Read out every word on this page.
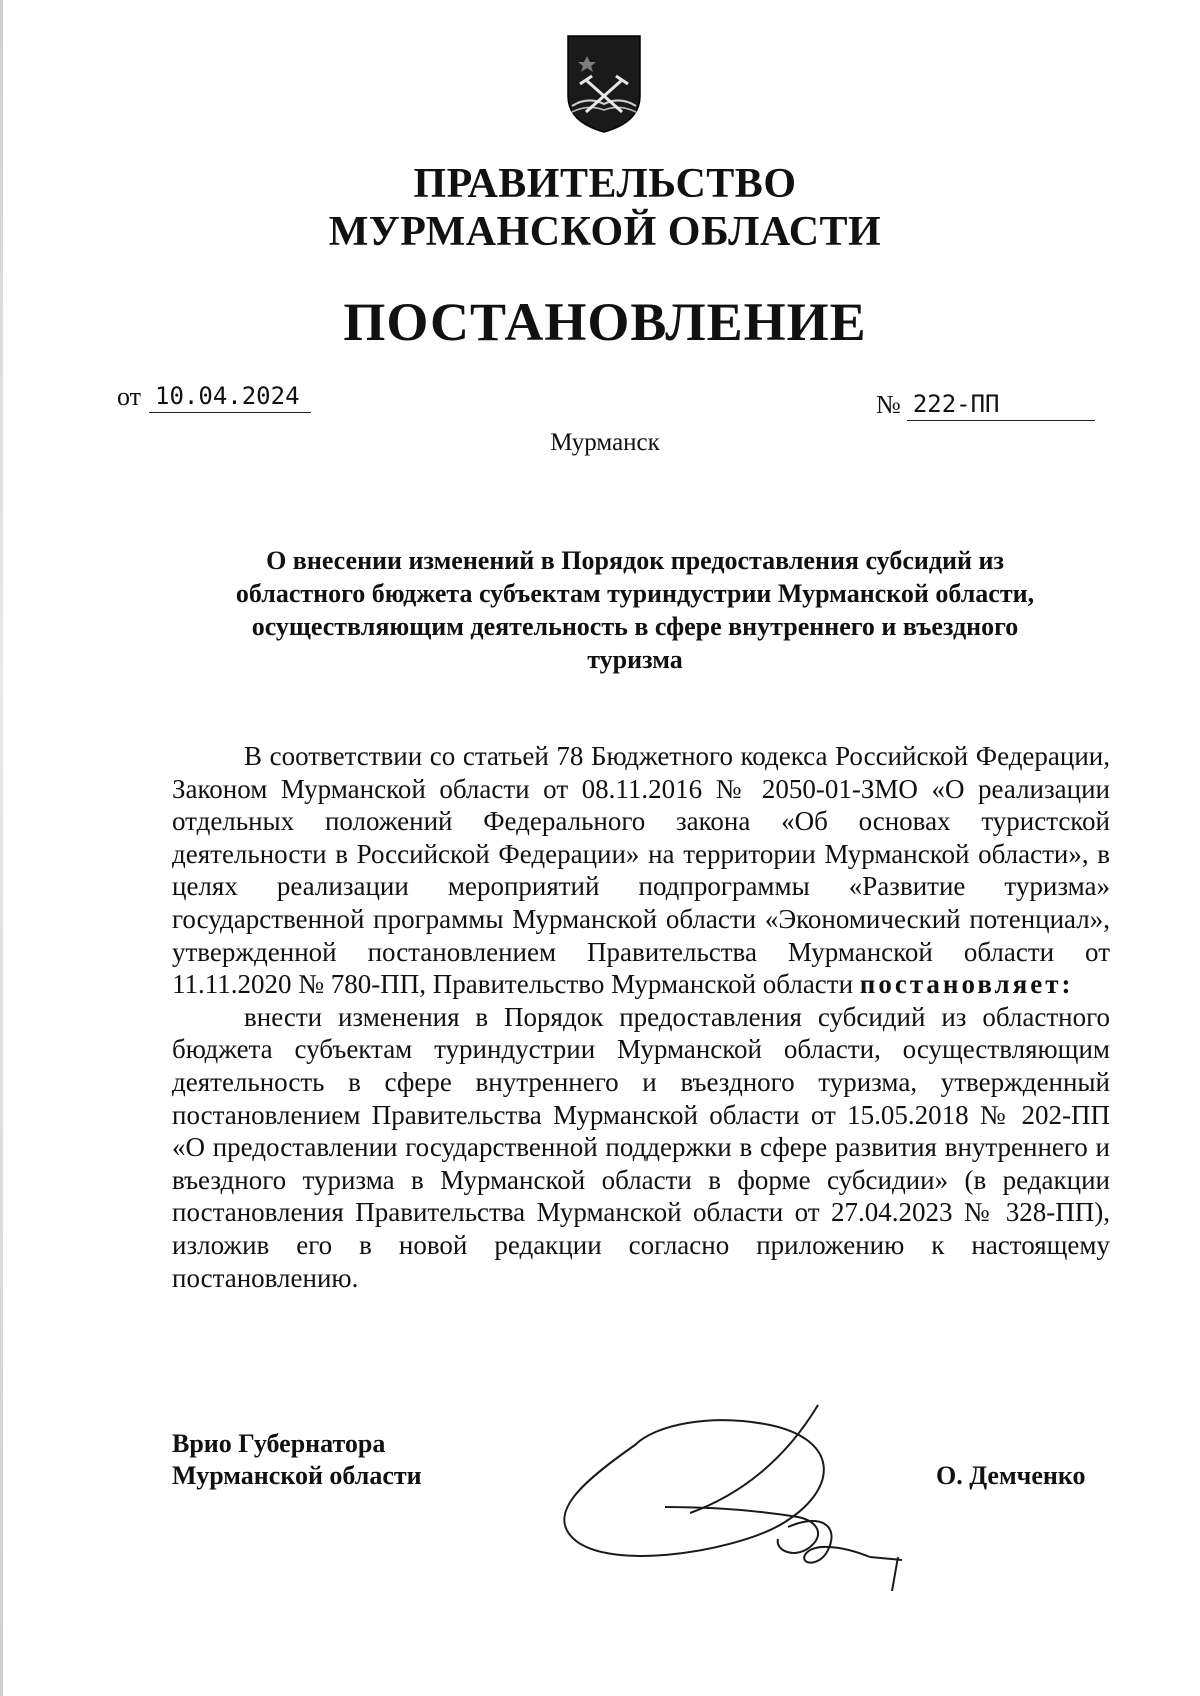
ПРАВИТЕЛЬСТВО
МУРМАНСКОЙ ОБЛАСТИ
ПОСТАНОВЛЕНИЕ
от 10.04.2024	№ 222-ПП
Мурманск
О внесении изменений в Порядок предоставления субсидий из
областного бюджета субъектам туриндустрии Мурманской области,
осуществляющим деятельность в сфере внутреннего и въездного
туризма

В соответствии со статьей 78 Бюджетного кодекса Российской Федерации, Законом Мурманской области от 08.11.2016 № 2050-01-ЗМО «О реализации отдельных положений Федерального закона «Об основах туристской деятельности в Российской Федерации» на территории Мурманской области», в целях реализации мероприятий подпрограммы «Развитие туризма» государственной программы Мурманской области «Экономический потенциал», утвержденной постановлением Правительства Мурманской области от 11.11.2020 № 780-ПП, Правительство Мурманской области постановляет:

внести изменения в Порядок предоставления субсидий из областного бюджета субъектам туриндустрии Мурманской области, осуществляющим деятельность в сфере внутреннего и въездного туризма, утвержденный постановлением Правительства Мурманской области от 15.05.2018 № 202-ПП «О предоставлении государственной поддержки в сфере развития внутреннего и въездного туризма в Мурманской области в форме субсидии» (в редакции постановления Правительства Мурманской области от 27.04.2023 № 328-ПП), изложив его в новой редакции согласно приложению к настоящему постановлению.

Врио Губернатора
Мурманской области	О. Демченко
